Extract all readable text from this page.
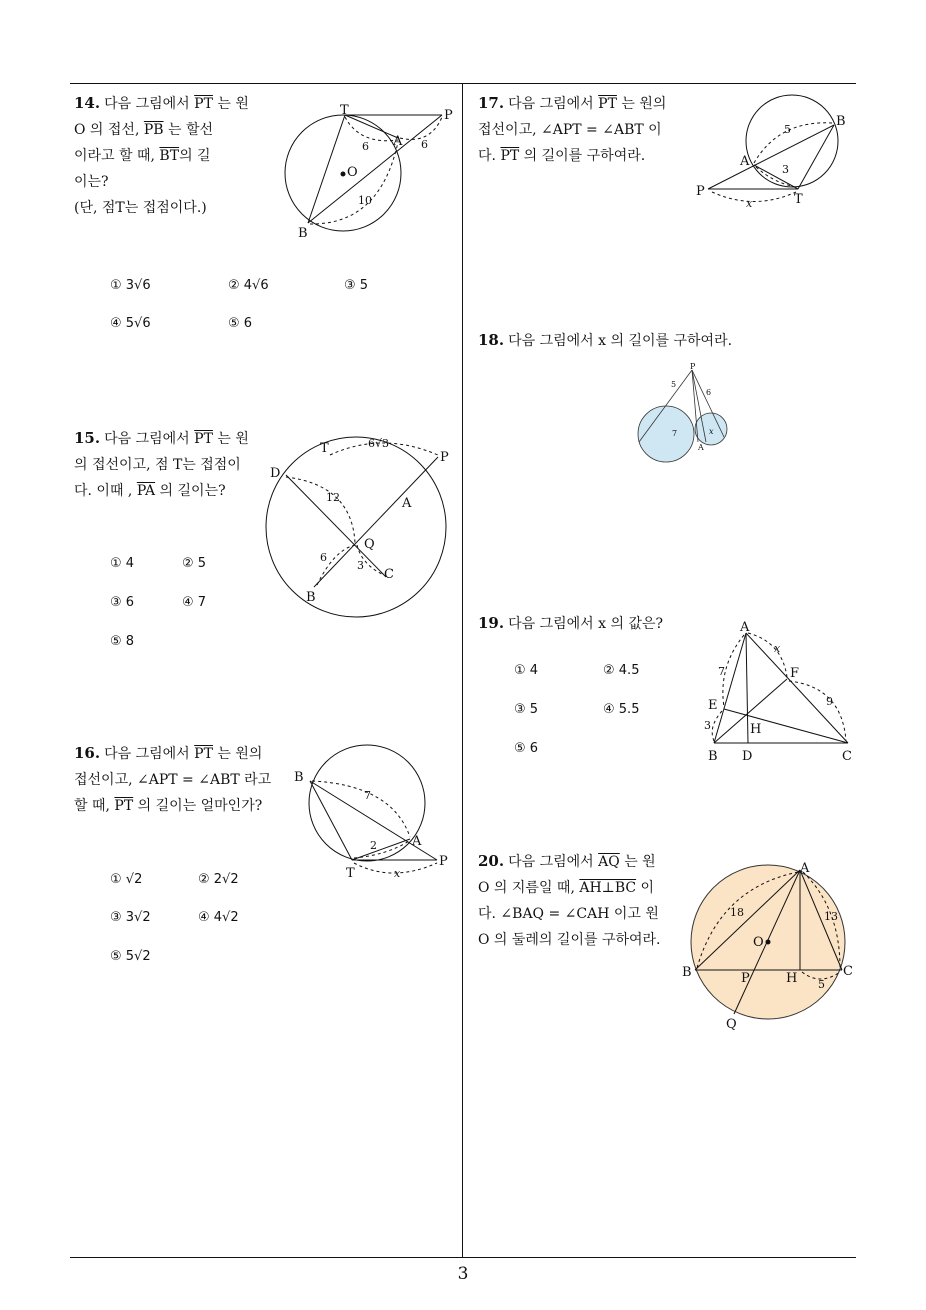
14. 다음 그림에서 $\overline{PT}$ 는 원
O 의 접선, $\overline{PB}$ 는 할선
이라고 할 때, $\overline{BT}$의 길
이는?
(단, 점T는 접점이다.)
T	P
A
O
B
6	6
10
① 3√6	② 4√6	③ 5
④ 5√6	⑤ 6
15. 다음 그림에서 $\overline{PT}$ 는 원의 접선이고, 점 T는 접점이다. 이때 , $\overline{PA}$ 의 길이는?
T	6√3
P
D
A
12
Q
6
3
C
B
① 4	② 5
③ 6	④ 7
⑤ 8
16. 다음 그림에서 $\overline{PT}$ 는 원의 접선이고, ∠APT = ∠ABT 라고 할 때, $\overline{PT}$ 의 길이는 얼마인가?
B
7
A
2
T	x
P
① √2	② 2√2
③ 3√2	④ 4√2
⑤ 5√2
17. 다음 그림에서 $\overline{PT}$ 는 원의 접선이고, ∠APT = ∠ABT 이다. $\overline{PT}$ 의 길이를 구하여라.
B
5
A
3
P
T
x
18. 다음 그림에서 x 의 길이를 구하여라.
P
5
6
7	x
A
19. 다음 그림에서 x 의 값은?	A
x
7	F
9
E
3	H
B D	C
① 4	② 4.5
③ 5	④ 5.5
⑤ 6
20. 다음 그림에서 $\overline{AQ}$ 는 원 O 의 지름일 때, AH⊥BC 이다. ∠BAQ = ∠CAH 이고 원 O 의 둘레의 길이를 구하여라.
A
18	13
O
B	P	H 5
C
Q
3
